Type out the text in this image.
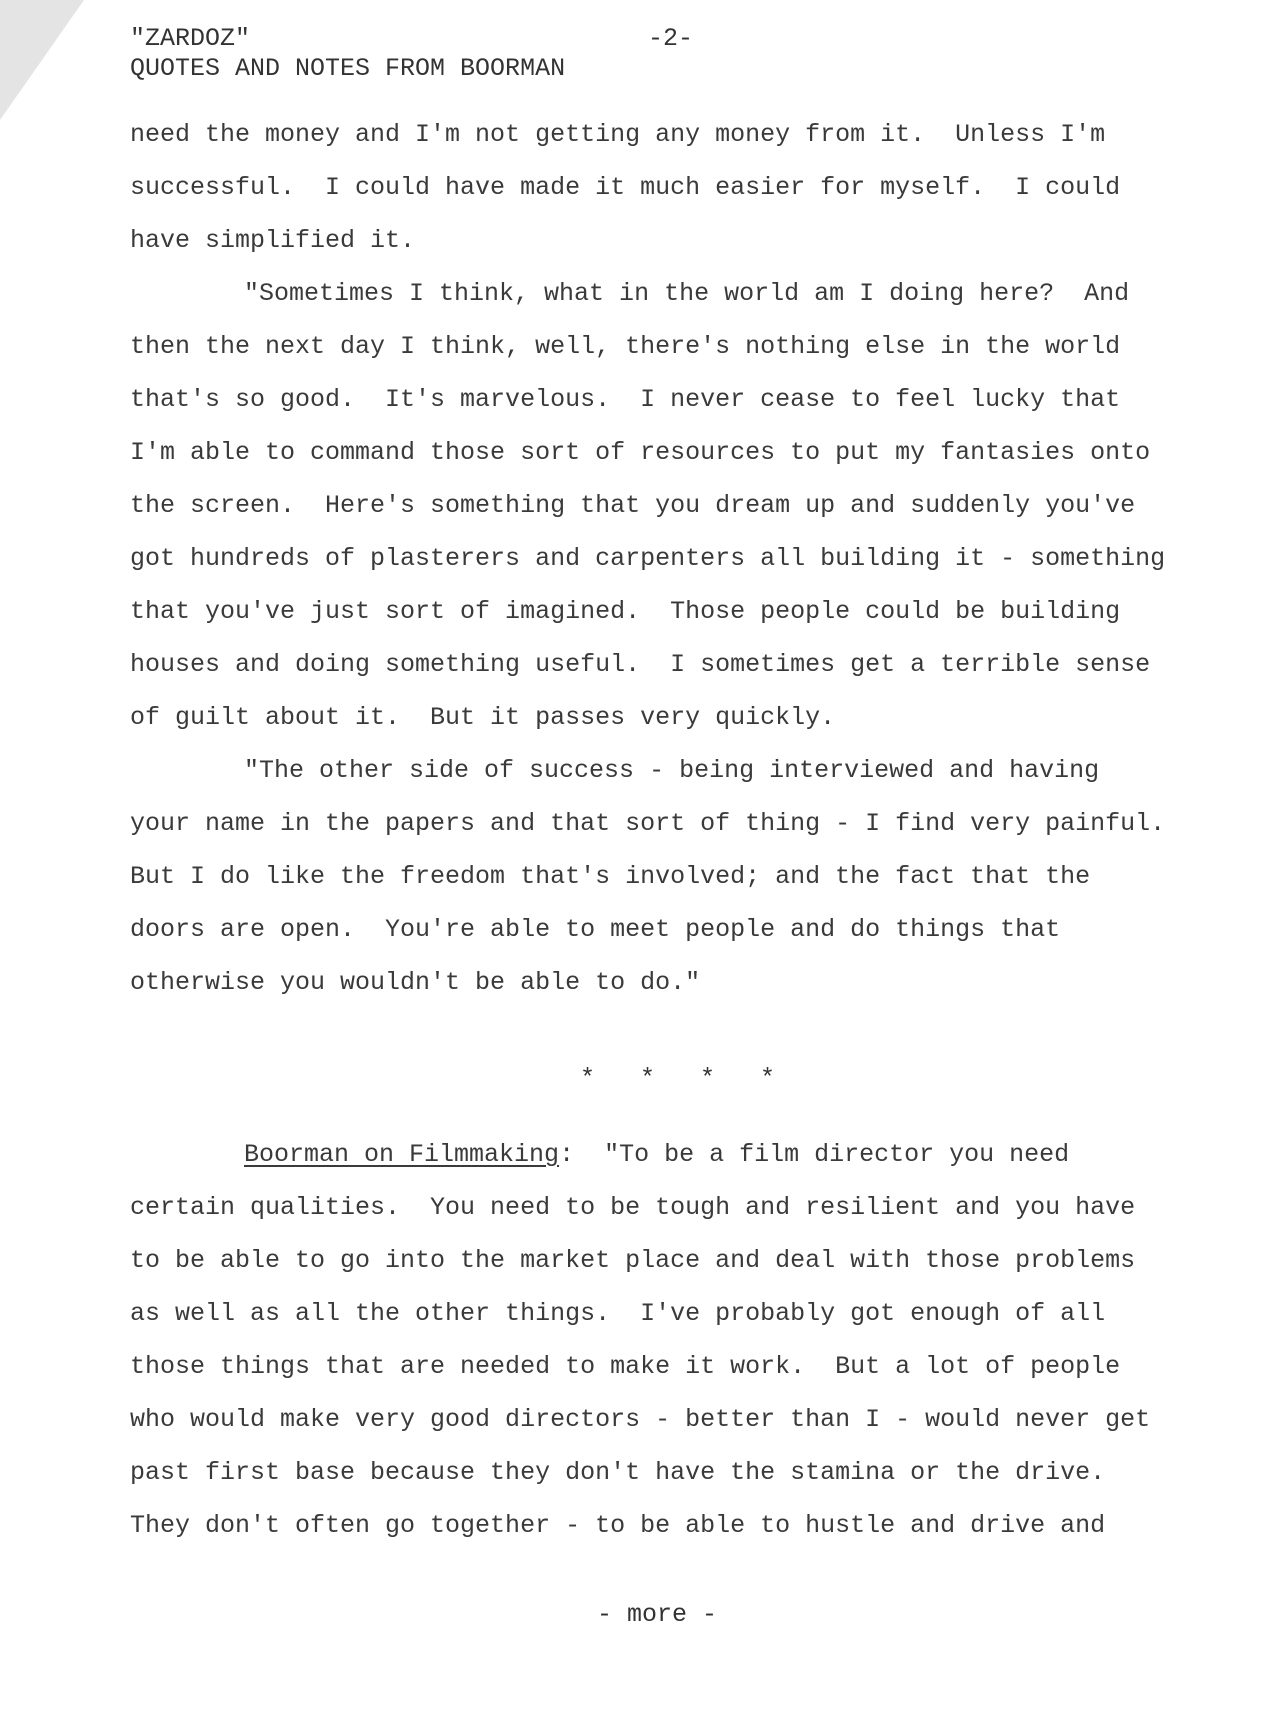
"ZARDOZ"
QUOTES AND NOTES FROM BOORMAN
-2-
need the money and I'm not getting any money from it.  Unless I'm
successful.  I could have made it much easier for myself.  I could
have simplified it.
"Sometimes I think, what in the world am I doing here?  And
then the next day I think, well, there's nothing else in the world
that's so good.  It's marvelous.  I never cease to feel lucky that
I'm able to command those sort of resources to put my fantasies onto
the screen.  Here's something that you dream up and suddenly you've
got hundreds of plasterers and carpenters all building it - something
that you've just sort of imagined.  Those people could be building
houses and doing something useful.  I sometimes get a terrible sense
of guilt about it.  But it passes very quickly.
"The other side of success - being interviewed and having
your name in the papers and that sort of thing - I find very painful.
But I do like the freedom that's involved; and the fact that the
doors are open.  You're able to meet people and do things that
otherwise you wouldn't be able to do."
*   *   *   *
Boorman on Filmmaking:  "To be a film director you need
certain qualities.  You need to be tough and resilient and you have
to be able to go into the market place and deal with those problems
as well as all the other things.  I've probably got enough of all
those things that are needed to make it work.  But a lot of people
who would make very good directors - better than I - would never get
past first base because they don't have the stamina or the drive.
They don't often go together - to be able to hustle and drive and
- more -
